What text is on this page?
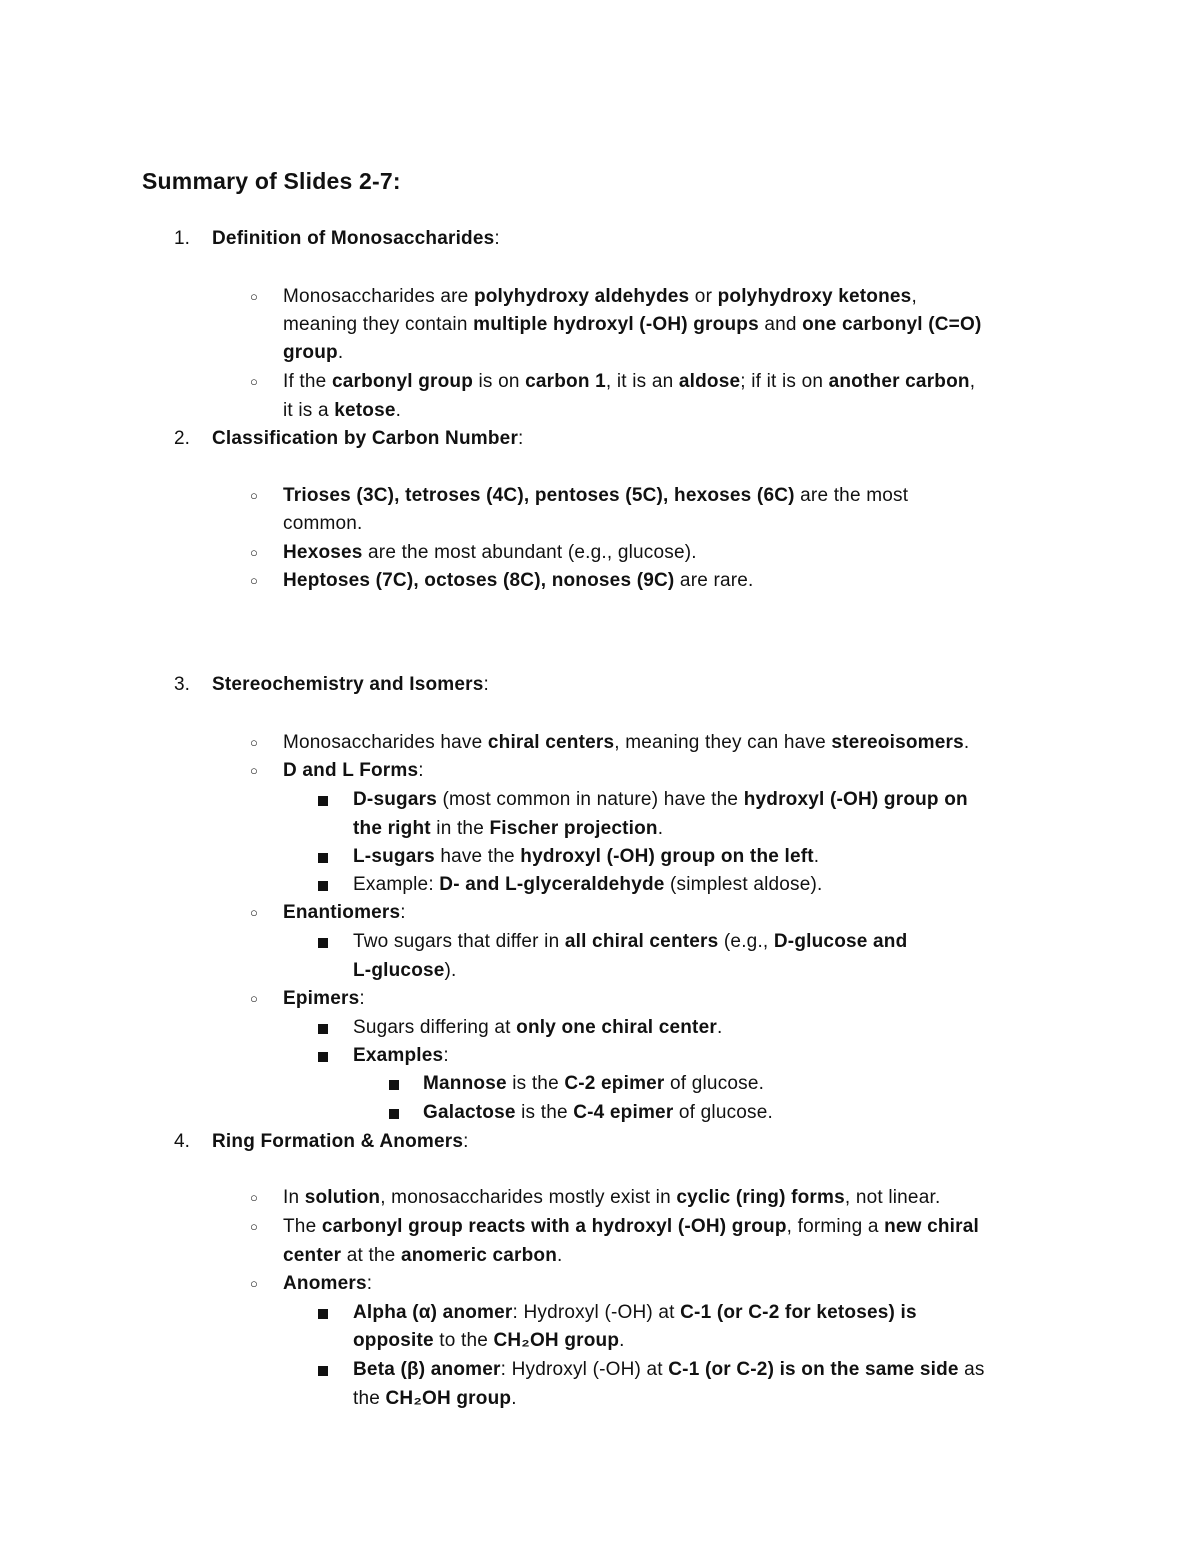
Summary of Slides 2-7:
1. Definition of Monosaccharides:
○ Monosaccharides are polyhydroxy aldehydes or polyhydroxy ketones,
meaning they contain multiple hydroxyl (-OH) groups and one carbonyl (C=O)
group.
○ If the carbonyl group is on carbon 1, it is an aldose; if it is on another carbon,
it is a ketose.
2. Classification by Carbon Number:
○ Trioses (3C), tetroses (4C), pentoses (5C), hexoses (6C) are the most
common.
○ Hexoses are the most abundant (e.g., glucose).
○ Heptoses (7C), octoses (8C), nonoses (9C) are rare.
3. Stereochemistry and Isomers:
○ Monosaccharides have chiral centers, meaning they can have stereoisomers.
○ D and L Forms:
D-sugars (most common in nature) have the hydroxyl (-OH) group on
the right in the Fischer projection.
L-sugars have the hydroxyl (-OH) group on the left.
Example: D- and L-glyceraldehyde (simplest aldose).
○ Enantiomers:
Two sugars that differ in all chiral centers (e.g., D-glucose and
L-glucose).
○ Epimers:
Sugars differing at only one chiral center.
Examples:
Mannose is the C-2 epimer of glucose.
Galactose is the C-4 epimer of glucose.
4. Ring Formation & Anomers:
○ In solution, monosaccharides mostly exist in cyclic (ring) forms, not linear.
○ The carbonyl group reacts with a hydroxyl (-OH) group, forming a new chiral
center at the anomeric carbon.
○ Anomers:
Alpha (α) anomer: Hydroxyl (-OH) at C-1 (or C-2 for ketoses) is
opposite to the CH₂OH group.
Beta (β) anomer: Hydroxyl (-OH) at C-1 (or C-2) is on the same side as
the CH₂OH group.
